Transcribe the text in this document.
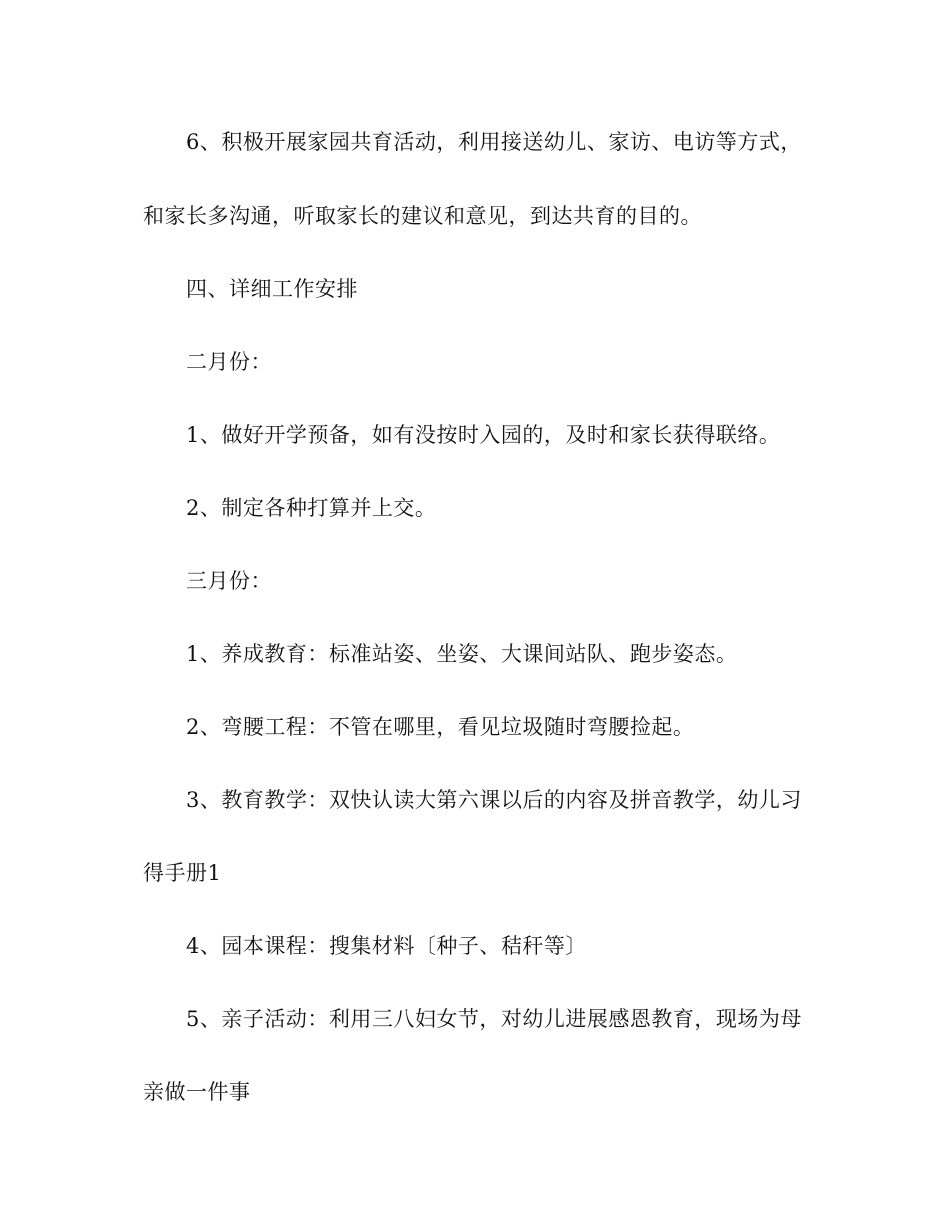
6、积极开展家园共育活动，利用接送幼儿、家访、电访等方式，
和家长多沟通，听取家长的建议和意见，到达共育的目的。
四、详细工作安排
二月份：
1、做好开学预备，如有没按时入园的，及时和家长获得联络。
2、制定各种打算并上交。
三月份：
1、养成教育：标准站姿、坐姿、大课间站队、跑步姿态。
2、弯腰工程：不管在哪里，看见垃圾随时弯腰捡起。
3、教育教学：双快认读大第六课以后的内容及拼音教学，幼儿习
得手册1
4、园本课程：搜集材料〔种子、秸秆等〕
5、亲子活动：利用三八妇女节，对幼儿进展感恩教育，现场为母
亲做一件事
